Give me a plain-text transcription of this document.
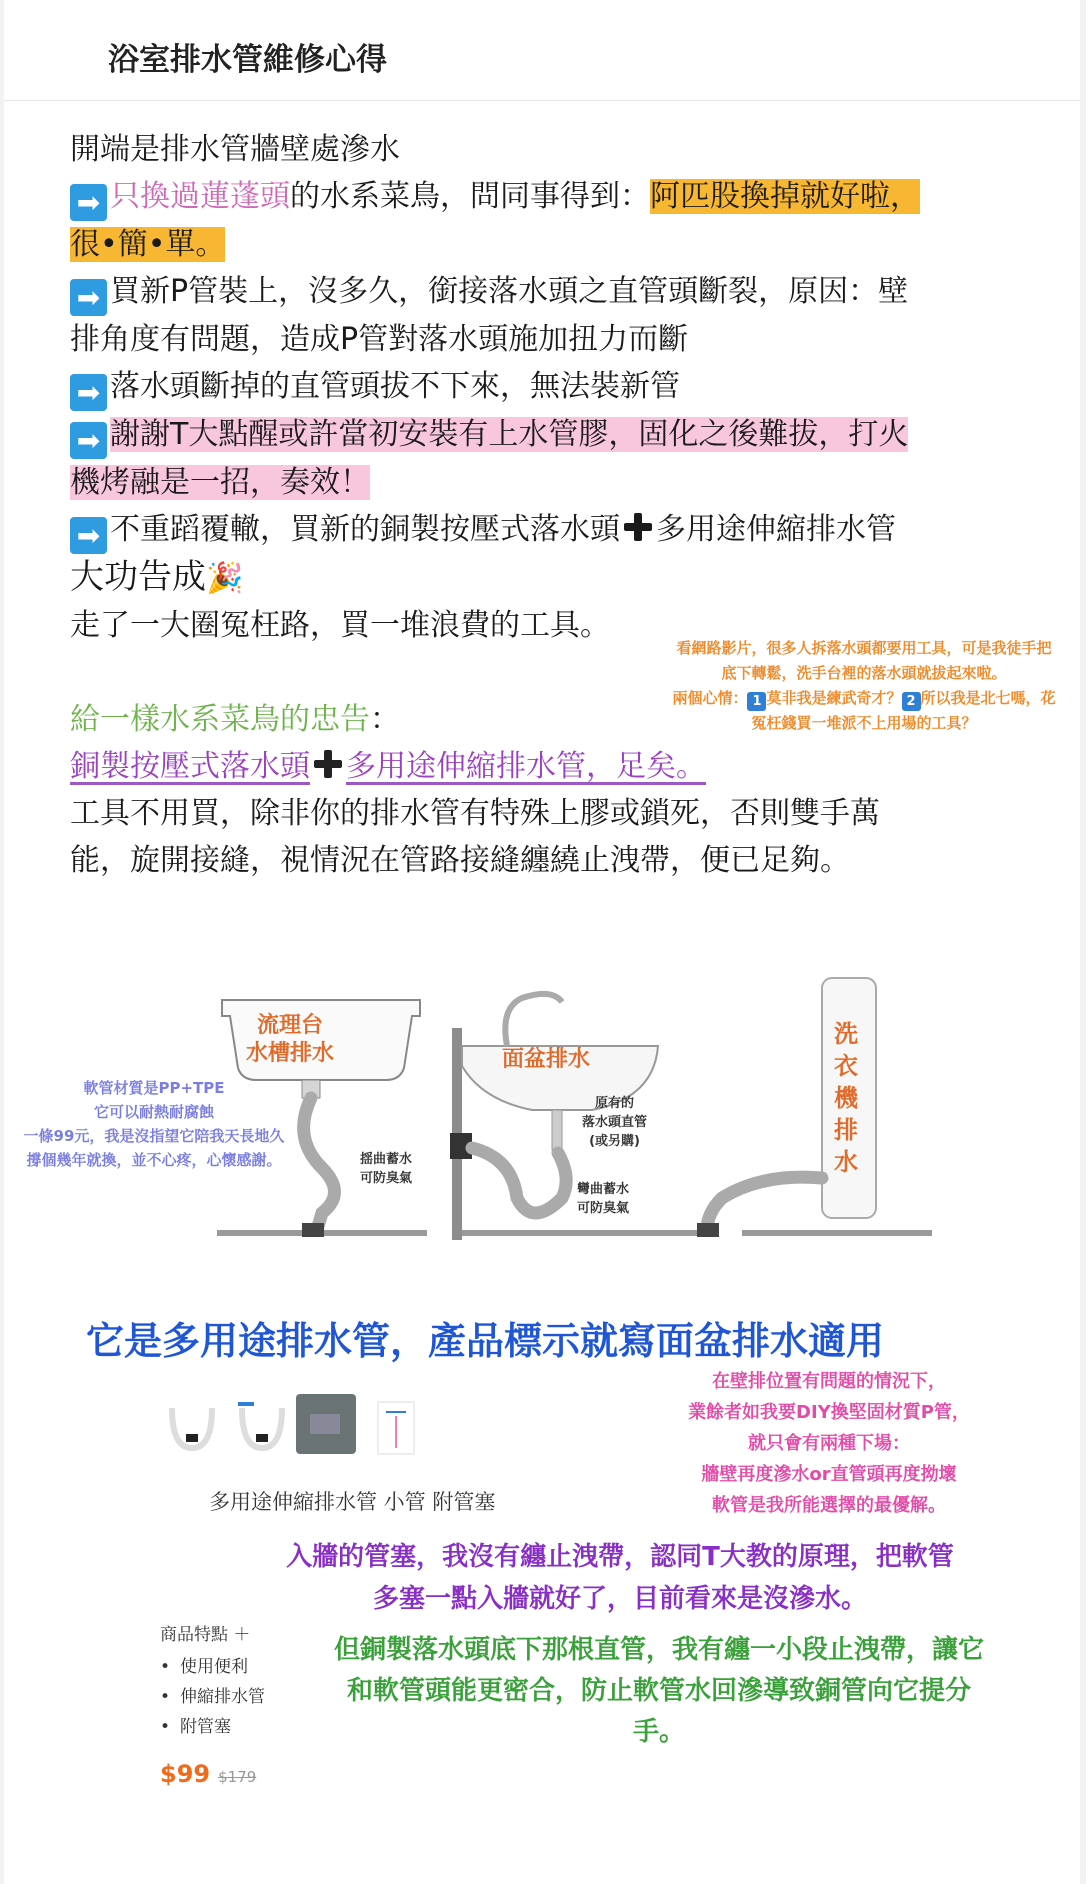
浴室排水管維修心得

開端是排水管牆壁處滲水

➡ 只換過蓮蓬頭的水系菜鳥，問同事得到：阿匹股換掉就好啦，

很•簡•單。

➡ 買新P管裝上，沒多久，銜接落水頭之直管頭斷裂，原因：壁

排角度有問題，造成P管對落水頭施加扭力而斷

➡ 落水頭斷掉的直管頭拔不下來，無法裝新管

➡ 謝謝T大點醒或許當初安裝有上水管膠，固化之後難拔，打火

機烤融是一招，奏效！

➡ 不重蹈覆轍，買新的銅製按壓式落水頭 多用途伸縮排水管

大功告成🎉

走了一大圈冤枉路，買一堆浪費的工具。

給一樣水系菜鳥的忠告：

銅製按壓式落水頭 多用途伸縮排水管，足矣。

工具不用買，除非你的排水管有特殊上膠或鎖死，否則雙手萬

能，旋開接縫，視情況在管路接縫纏繞止洩帶，便已足夠。

看網路影片，很多人拆落水頭都要用工具，可是我徒手把
底下轉鬆，洗手台裡的落水頭就拔起來啦。
兩個心情： 1 莫非我是練武奇才？ 2 所以我是北七嗎，花
冤枉錢買一堆派不上用場的工具？
流理台
水槽排水	面盆排水
洗衣機排水
原有的
落水頭直管
(或另購)
彎曲蓄水
可防臭氣
揺曲蓄水
可防臭氣
軟管材質是PP+TPE
它可以耐熱耐腐蝕
一條99元，我是沒指望它陪我天長地久
撐個幾年就換，並不心疼，心懷感謝。
它是多用途排水管，產品標示就寫面盆排水適用
在壁排位置有問題的情況下，
業餘者如我要DIY換堅固材質P管，
就只會有兩種下場：
牆壁再度滲水or直管頭再度拗壞
軟管是我所能選擇的最優解。
多用途伸縮排水管 小管 附管塞
入牆的管塞，我沒有纏止洩帶，認同T大教的原理，把軟管
多塞一點入牆就好了，目前看來是沒滲水。
商品特點 ＋
• 使用便利
• 伸縮排水管
• 附管塞
但銅製落水頭底下那根直管，我有纏一小段止洩帶，讓它
和軟管頭能更密合，防止軟管水回滲導致銅管向它提分
手。
$99 $179
